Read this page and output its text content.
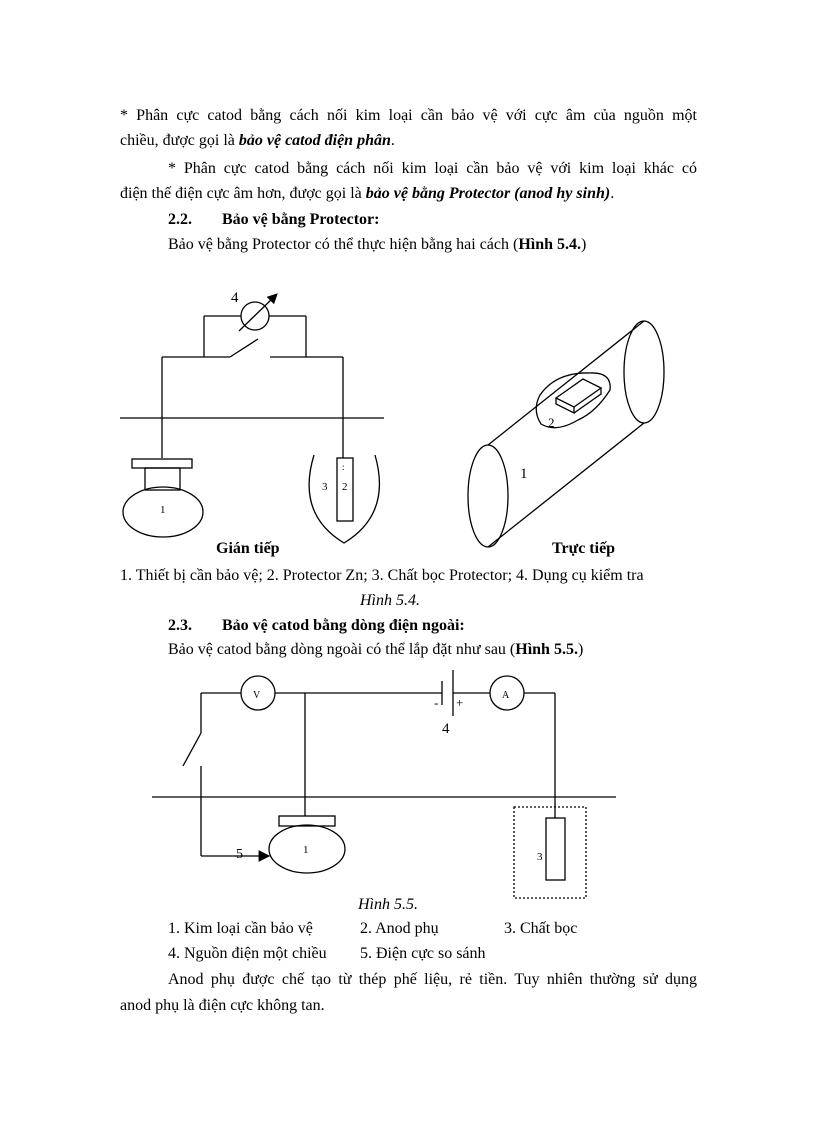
* Phân cực catod bằng cách nối kim loại cần bảo vệ với cực âm của nguồn một
chiều, được gọi là bảo vệ catod điện phân.
* Phân cực catod bằng cách nối kim loại cần bảo vệ với kim loại khác có
điện thế điện cực âm hơn, được gọi là bảo vệ bằng Protector (anod hy sinh).
2.2. Bảo vệ bằng Protector:
Bảo vệ bằng Protector có thể thực hiện bằng hai cách (Hình 5.4.)
4
1
3 2
:	1
2
Gián tiếp	Trực tiếp
1. Thiết bị cần bảo vệ; 2. Protector Zn; 3. Chất bọc Protector; 4. Dụng cụ kiểm tra
Hình 5.4.
2.3. Bảo vệ catod bằng dòng điện ngoài:
Bảo vệ catod bằng dòng ngoài có thể lắp đặt như sau (Hình 5.5.)
V	A
- +
4
5	1
3
Hình 5.5.
1. Kim loại cần bảo vệ	2. Anod phụ	3. Chất bọc
4. Nguồn điện một chiều 5. Điện cực so sánh
Anod phụ được chế tạo từ thép phế liệu, rẻ tiền. Tuy nhiên thường sử dụng
anod phụ là điện cực không tan.
